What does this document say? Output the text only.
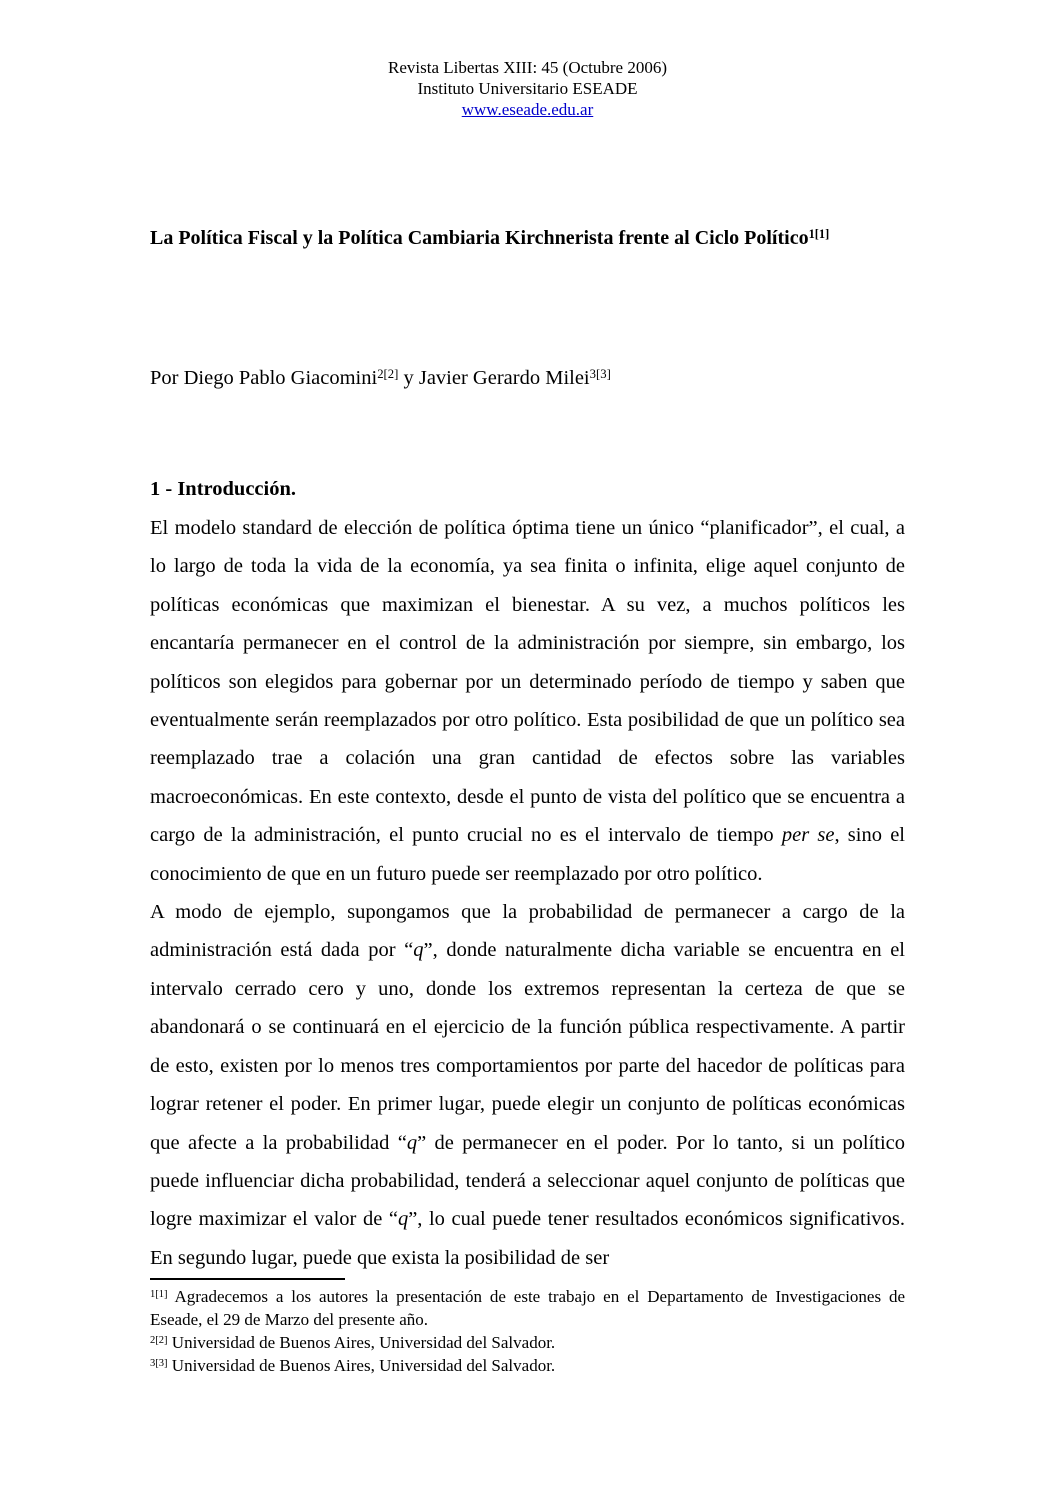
Revista Libertas XIII: 45 (Octubre 2006)
Instituto Universitario ESEADE
www.eseade.edu.ar
La Política Fiscal y la Política Cambiaria Kirchnerista frente al Ciclo Político$^{1[1]}$

Por Diego Pablo Giacomini$^{2[2]}$ y Javier Gerardo Milei$^{3[3]}$

1 - Introducción.

El modelo standard de elección de política óptima tiene un único “planificador”, el cual, a lo largo de toda la vida de la economía, ya sea finita o infinita, elige aquel conjunto de políticas económicas que maximizan el bienestar. A su vez, a muchos políticos les encantaría permanecer en el control de la administración por siempre, sin embargo, los políticos son elegidos para gobernar por un determinado período de tiempo y saben que eventualmente serán reemplazados por otro político. Esta posibilidad de que un político sea reemplazado trae a colación una gran cantidad de efectos sobre las variables macroeconómicas. En este contexto, desde el punto de vista del político que se encuentra a cargo de la administración, el punto crucial no es el intervalo de tiempo per se, sino el conocimiento de que en un futuro puede ser reemplazado por otro político.

A modo de ejemplo, supongamos que la probabilidad de permanecer a cargo de la administración está dada por “q”, donde naturalmente dicha variable se encuentra en el intervalo cerrado cero y uno, donde los extremos representan la certeza de que se abandonará o se continuará en el ejercicio de la función pública respectivamente. A partir de esto, existen por lo menos tres comportamientos por parte del hacedor de políticas para lograr retener el poder. En primer lugar, puede elegir un conjunto de políticas económicas que afecte a la probabilidad “q” de permanecer en el poder. Por lo tanto, si un político puede influenciar dicha probabilidad, tenderá a seleccionar aquel conjunto de políticas que logre maximizar el valor de “q”, lo cual puede tener resultados económicos significativos. En segundo lugar, puede que exista la posibilidad de ser

$^{1[1]}$ Agradecemos a los autores la presentación de este trabajo en el Departamento de Investigaciones de Eseade, el 29 de Marzo del presente año.

$^{2[2]}$ Universidad de Buenos Aires, Universidad del Salvador.

$^{3[3]}$ Universidad de Buenos Aires, Universidad del Salvador.
